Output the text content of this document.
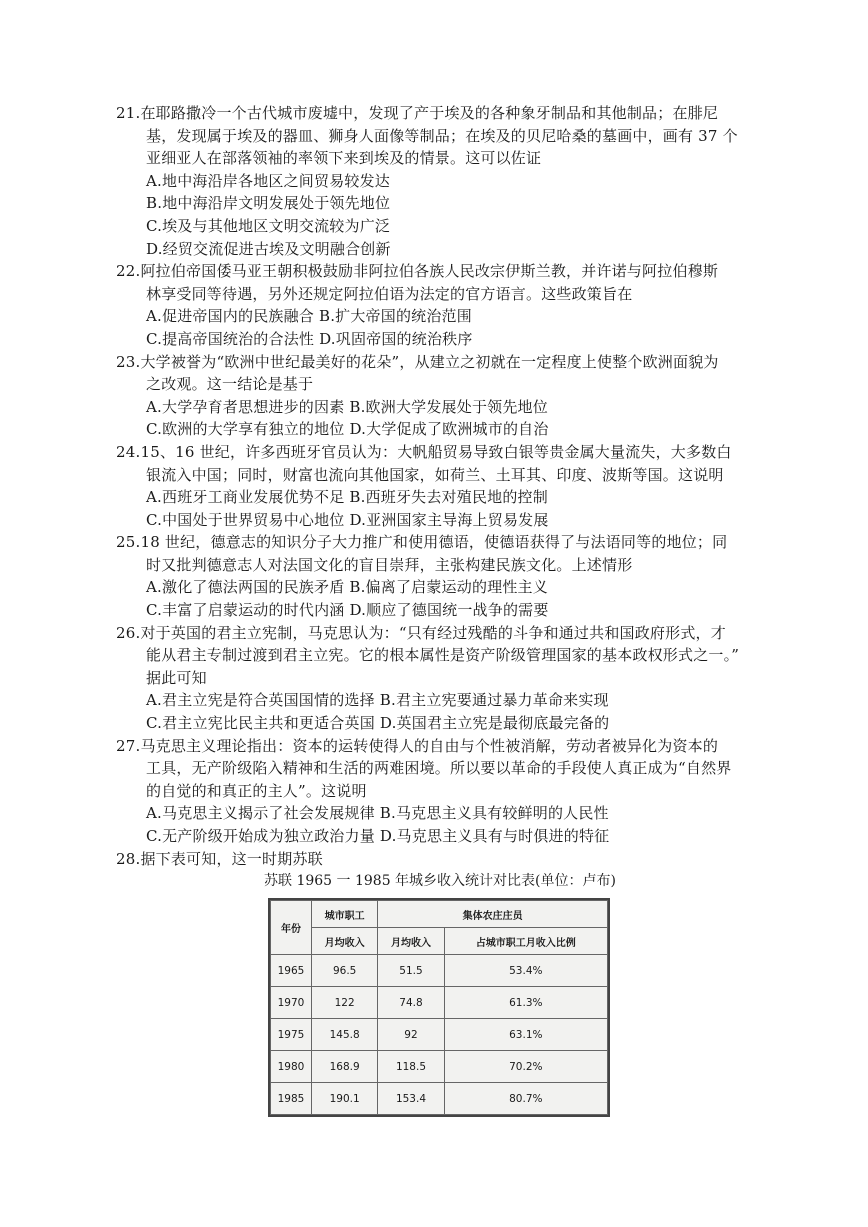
21.在耶路撒冷一个古代城市废墟中，发现了产于埃及的各种象牙制品和其他制品；在腓尼
基，发现属于埃及的器皿、狮身人面像等制品；在埃及的贝尼哈桑的墓画中，画有 37 个
亚细亚人在部落领袖的率领下来到埃及的情景。这可以佐证
A.地中海沿岸各地区之间贸易较发达
B.地中海沿岸文明发展处于领先地位
C.埃及与其他地区文明交流较为广泛
D.经贸交流促进古埃及文明融合创新
22.阿拉伯帝国倭马亚王朝积极鼓励非阿拉伯各族人民改宗伊斯兰教，并许诺与阿拉伯穆斯
林享受同等待遇，另外还规定阿拉伯语为法定的官方语言。这些政策旨在
A.促进帝国内的民族融合 B.扩大帝国的统治范围
C.提高帝国统治的合法性 D.巩固帝国的统治秩序
23.大学被誉为“欧洲中世纪最美好的花朵”，从建立之初就在一定程度上使整个欧洲面貌为
之改观。这一结论是基于
A.大学孕育者思想进步的因素 B.欧洲大学发展处于领先地位
C.欧洲的大学享有独立的地位 D.大学促成了欧洲城市的自治
24.15、16 世纪，许多西班牙官员认为：大帆船贸易导致白银等贵金属大量流失，大多数白
银流入中国；同时，财富也流向其他国家，如荷兰、土耳其、印度、波斯等国。这说明
A.西班牙工商业发展优势不足 B.西班牙失去对殖民地的控制
C.中国处于世界贸易中心地位 D.亚洲国家主导海上贸易发展
25.18 世纪，德意志的知识分子大力推广和使用德语，使德语获得了与法语同等的地位；同
时又批判德意志人对法国文化的盲目崇拜，主张构建民族文化。上述情形
A.激化了德法两国的民族矛盾 B.偏离了启蒙运动的理性主义
C.丰富了启蒙运动的时代内涵 D.顺应了德国统一战争的需要
26.对于英国的君主立宪制，马克思认为：“只有经过残酷的斗争和通过共和国政府形式，才
能从君主专制过渡到君主立宪。它的根本属性是资产阶级管理国家的基本政权形式之一。”
据此可知
A.君主立宪是符合英国国情的选择 B.君主立宪要通过暴力革命来实现
C.君主立宪比民主共和更适合英国 D.英国君主立宪是最彻底最完备的
27.马克思主义理论指出：资本的运转使得人的自由与个性被消解，劳动者被异化为资本的
工具，无产阶级陷入精神和生活的两难困境。所以要以革命的手段使人真正成为“自然界
的自觉的和真正的主人”。这说明
A.马克思主义揭示了社会发展规律 B.马克思主义具有较鲜明的人民性
C.无产阶级开始成为独立政治力量 D.马克思主义具有与时俱进的特征
28.据下表可知，这一时期苏联
苏联 1965 一 1985 年城乡收入统计对比表(单位：卢布)
年份	城市职工	集体农庄庄员	
	月均收入	月均收入	占城市职工月收入比例
1965	96.5	51.5	53.4%
1970	122	74.8	61.3%
1975	145.8	92	63.1%
1980	168.9	118.5	70.2%
1985	190.1	153.4	80.7%
